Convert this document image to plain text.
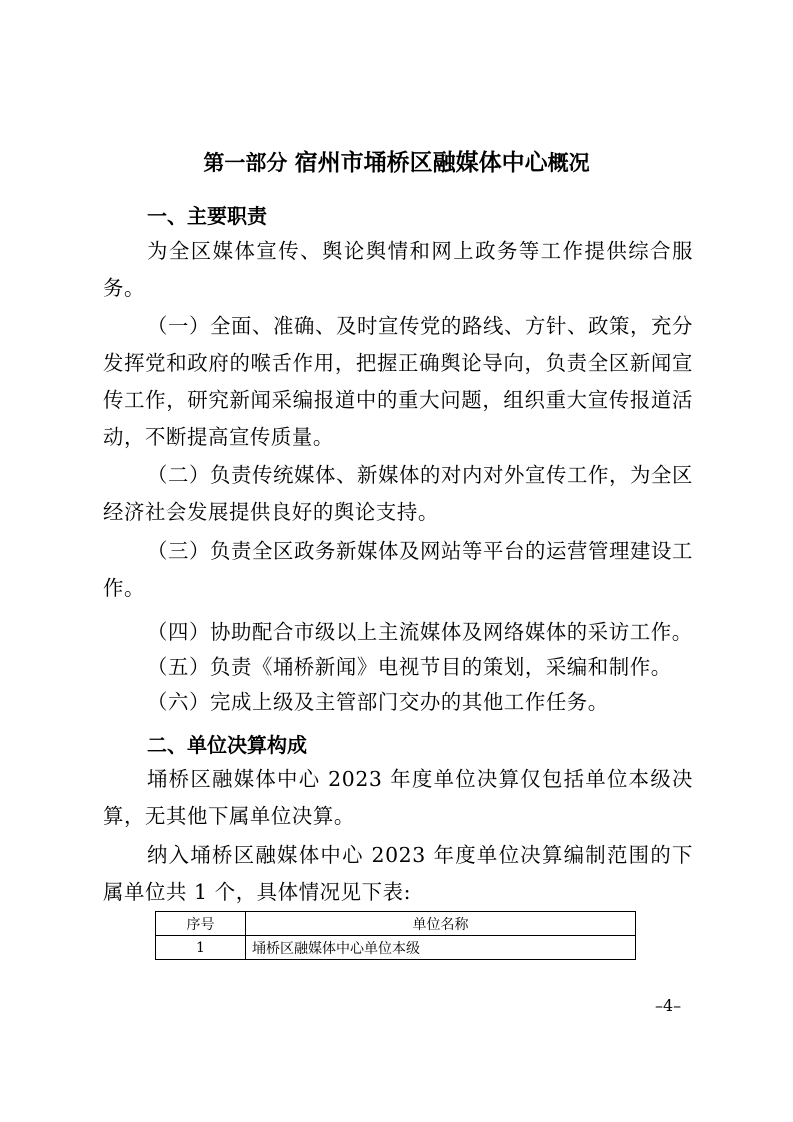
第一部分 宿州市埇桥区融媒体中心概况
一、主要职责
为全区媒体宣传、舆论舆情和网上政务等工作提供综合服务。
（一）全面、准确、及时宣传党的路线、方针、政策，充分发挥党和政府的喉舌作用，把握正确舆论导向，负责全区新闻宣传工作，研究新闻采编报道中的重大问题，组织重大宣传报道活动，不断提高宣传质量。
（二）负责传统媒体、新媒体的对内对外宣传工作，为全区经济社会发展提供良好的舆论支持。
（三）负责全区政务新媒体及网站等平台的运营管理建设工作。
（四）协助配合市级以上主流媒体及网络媒体的采访工作。
（五）负责《埇桥新闻》电视节目的策划，采编和制作。
（六）完成上级及主管部门交办的其他工作任务。
二、单位决算构成
埇桥区融媒体中心 2023 年度单位决算仅包括单位本级决算，无其他下属单位决算。
纳入埇桥区融媒体中心 2023 年度单位决算编制范围的下属单位共 1 个，具体情况见下表:
序号	单位名称
1	埇桥区融媒体中心单位本级
–4–
